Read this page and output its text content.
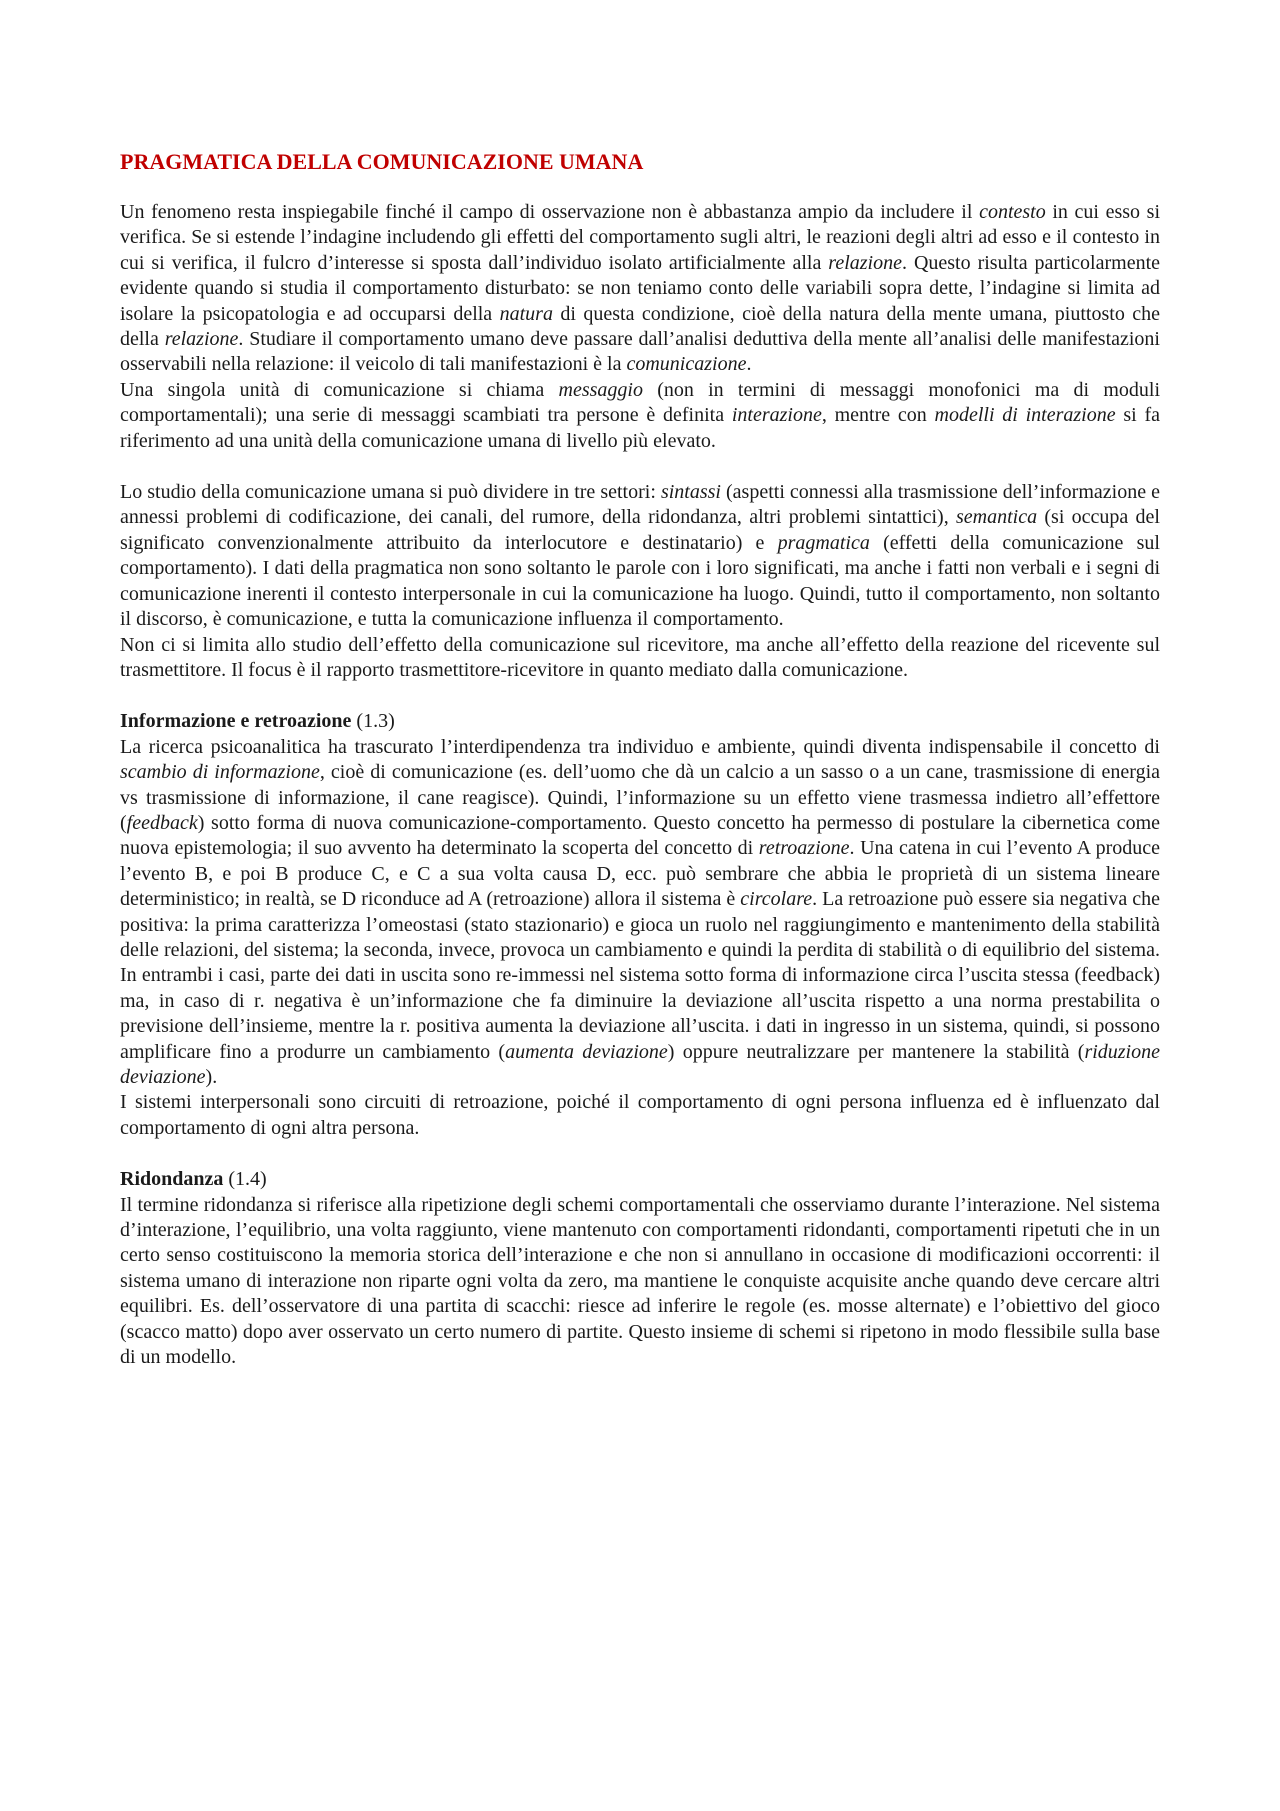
PRAGMATICA DELLA COMUNICAZIONE UMANA

Un fenomeno resta inspiegabile finché il campo di osservazione non è abbastanza ampio da includere il contesto in cui esso si verifica. Se si estende l’indagine includendo gli effetti del comportamento sugli altri, le reazioni degli altri ad esso e il contesto in cui si verifica, il fulcro d’interesse si sposta dall’individuo isolato artificialmente alla relazione. Questo risulta particolarmente evidente quando si studia il comportamento disturbato: se non teniamo conto delle variabili sopra dette, l’indagine si limita ad isolare la psicopatologia e ad occuparsi della natura di questa condizione, cioè della natura della mente umana, piuttosto che della relazione. Studiare il comportamento umano deve passare dall’analisi deduttiva della mente all’analisi delle manifestazioni osservabili nella relazione: il veicolo di tali manifestazioni è la comunicazione.

Una singola unità di comunicazione si chiama messaggio (non in termini di messaggi monofonici ma di moduli comportamentali); una serie di messaggi scambiati tra persone è definita interazione, mentre con modelli di interazione si fa riferimento ad una unità della comunicazione umana di livello più elevato.

Lo studio della comunicazione umana si può dividere in tre settori: sintassi (aspetti connessi alla trasmissione dell’informazione e annessi problemi di codificazione, dei canali, del rumore, della ridondanza, altri problemi sintattici), semantica (si occupa del significato convenzionalmente attribuito da interlocutore e destinatario) e pragmatica (effetti della comunicazione sul comportamento). I dati della pragmatica non sono soltanto le parole con i loro significati, ma anche i fatti non verbali e i segni di comunicazione inerenti il contesto interpersonale in cui la comunicazione ha luogo. Quindi, tutto il comportamento, non soltanto il discorso, è comunicazione, e tutta la comunicazione influenza il comportamento.

Non ci si limita allo studio dell’effetto della comunicazione sul ricevitore, ma anche all’effetto della reazione del ricevente sul trasmettitore. Il focus è il rapporto trasmettitore-ricevitore in quanto mediato dalla comunicazione.

Informazione e retroazione (1.3)

La ricerca psicoanalitica ha trascurato l’interdipendenza tra individuo e ambiente, quindi diventa indispensabile il concetto di scambio di informazione, cioè di comunicazione (es. dell’uomo che dà un calcio a un sasso o a un cane, trasmissione di energia vs trasmissione di informazione, il cane reagisce). Quindi, l’informazione su un effetto viene trasmessa indietro all’effettore (feedback) sotto forma di nuova comunicazione-comportamento. Questo concetto ha permesso di postulare la cibernetica come nuova epistemologia; il suo avvento ha determinato la scoperta del concetto di retroazione. Una catena in cui l’evento A produce l’evento B, e poi B produce C, e C a sua volta causa D, ecc. può sembrare che abbia le proprietà di un sistema lineare deterministico; in realtà, se D riconduce ad A (retroazione) allora il sistema è circolare. La retroazione può essere sia negativa che positiva: la prima caratterizza l’omeostasi (stato stazionario) e gioca un ruolo nel raggiungimento e mantenimento della stabilità delle relazioni, del sistema; la seconda, invece, provoca un cambiamento e quindi la perdita di stabilità o di equilibrio del sistema. In entrambi i casi, parte dei dati in uscita sono re-immessi nel sistema sotto forma di informazione circa l’uscita stessa (feedback) ma, in caso di r. negativa è un’informazione che fa diminuire la deviazione all’uscita rispetto a una norma prestabilita o previsione dell’insieme, mentre la r. positiva aumenta la deviazione all’uscita. i dati in ingresso in un sistema, quindi, si possono amplificare fino a produrre un cambiamento (aumenta deviazione) oppure neutralizzare per mantenere la stabilità (riduzione deviazione).

I sistemi interpersonali sono circuiti di retroazione, poiché il comportamento di ogni persona influenza ed è influenzato dal comportamento di ogni altra persona.

Ridondanza (1.4)

Il termine ridondanza si riferisce alla ripetizione degli schemi comportamentali che osserviamo durante l’interazione. Nel sistema d’interazione, l’equilibrio, una volta raggiunto, viene mantenuto con comportamenti ridondanti, comportamenti ripetuti che in un certo senso costituiscono la memoria storica dell’interazione e che non si annullano in occasione di modificazioni occorrenti: il sistema umano di interazione non riparte ogni volta da zero, ma mantiene le conquiste acquisite anche quando deve cercare altri equilibri. Es. dell’osservatore di una partita di scacchi: riesce ad inferire le regole (es. mosse alternate) e l’obiettivo del gioco (scacco matto) dopo aver osservato un certo numero di partite. Questo insieme di schemi si ripetono in modo flessibile sulla base di un modello.
